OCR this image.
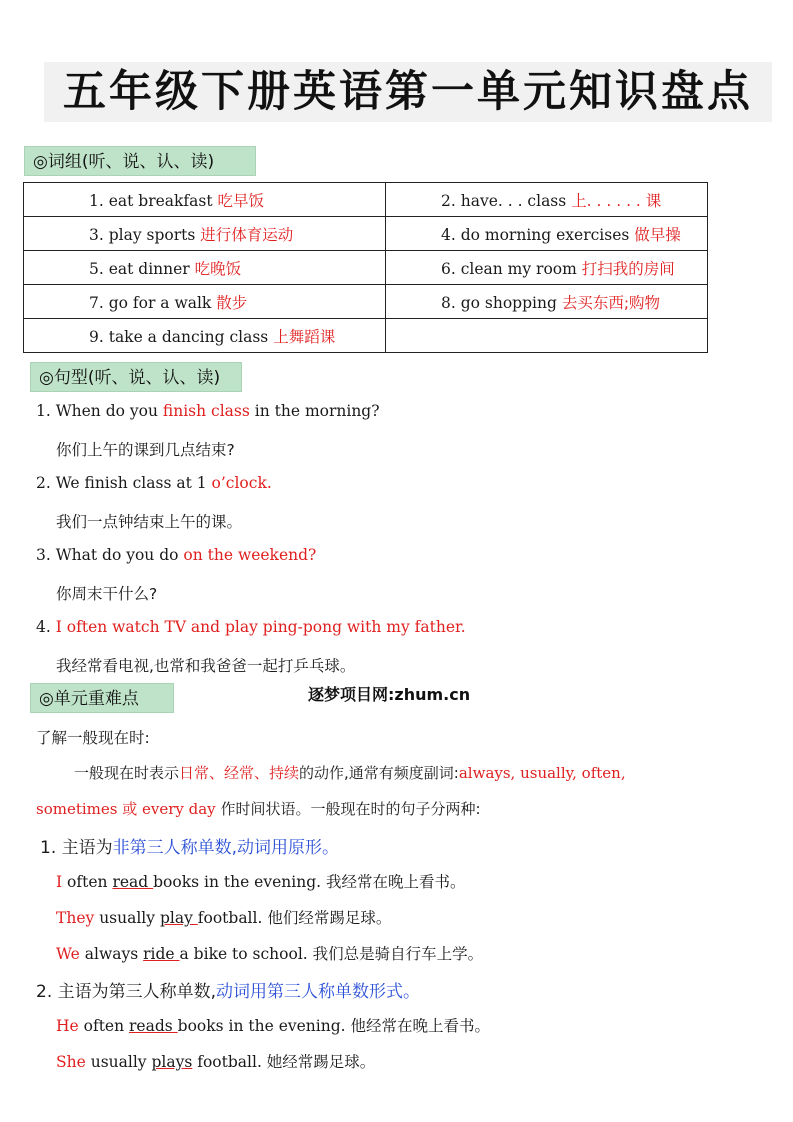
五年级下册英语第一单元知识盘点
◎词组(听、说、认、读)
1. eat breakfast 吃早饭	2. have. . . class 上. . . . . . 课
3. play sports 进行体育运动	4. do morning exercises 做早操
5. eat dinner 吃晚饭	6. clean my room 打扫我的房间
7. go for a walk 散步	8. go shopping 去买东西;购物
9. take a dancing class 上舞蹈课	
◎句型(听、说、认、读)
1. When do you finish class in the morning?
你们上午的课到几点结束?
2. We finish class at 1 o’clock.
我们一点钟结束上午的课。
3. What do you do on the weekend?
你周末干什么?
4. I often watch TV and play ping-pong with my father.
我经常看电视,也常和我爸爸一起打乒乓球。
◎单元重难点	逐梦项目网:zhum.cn
了解一般现在时:
一般现在时表示日常、经常、持续的动作,通常有频度副词:always, usually, often,
sometimes 或 every day 作时间状语。一般现在时的句子分两种:
1. 主语为非第三人称单数,动词用原形。
I often read books in the evening. 我经常在晚上看书。
They usually play football. 他们经常踢足球。
We always ride a bike to school. 我们总是骑自行车上学。
2. 主语为第三人称单数,动词用第三人称单数形式。
He often reads books in the evening. 他经常在晚上看书。
She usually plays football. 她经常踢足球。
